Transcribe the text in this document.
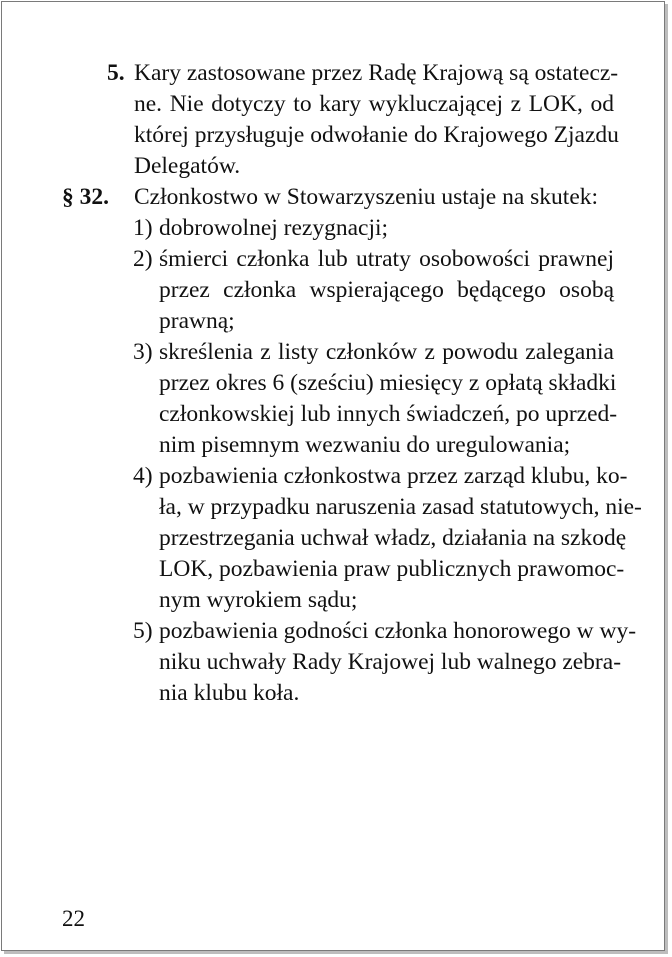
5. Kary zastosowane przez Radę Krajową są ostatecz-
ne. Nie dotyczy to kary wykluczającej z LOK, od
której przysługuje odwołanie do Krajowego Zjazdu
Delegatów.
§ 32. Członkostwo w Stowarzyszeniu ustaje na skutek:
1) dobrowolnej rezygnacji;
2) śmierci członka lub utraty osobowości prawnej
przez członka wspierającego będącego osobą
prawną;
3) skreślenia z listy członków z powodu zalegania
przez okres 6 (sześciu) miesięcy z opłatą składki
członkowskiej lub innych świadczeń, po uprzed-
nim pisemnym wezwaniu do uregulowania;
4) pozbawienia członkostwa przez zarząd klubu, ko-
ła, w przypadku naruszenia zasad statutowych, nie-
przestrzegania uchwał władz, działania na szkodę
LOK, pozbawienia praw publicznych prawomoc-
nym wyrokiem sądu;
5) pozbawienia godności członka honorowego w wy-
niku uchwały Rady Krajowej lub walnego zebra-
nia klubu koła.
22
